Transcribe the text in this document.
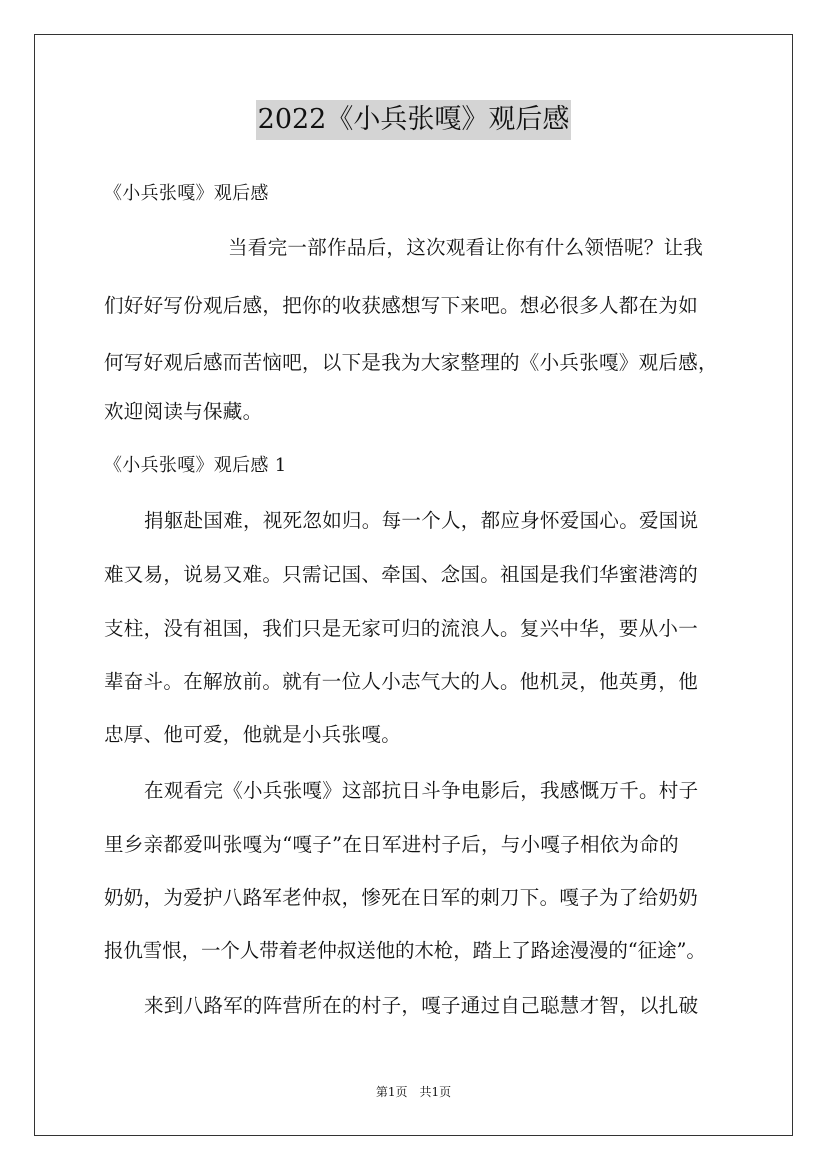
2022《小兵张嘎》观后感
《小兵张嘎》观后感
当看完一部作品后，这次观看让你有什么领悟呢？让我
们好好写份观后感，把你的收获感想写下来吧。想必很多人都在为如
何写好观后感而苦恼吧，以下是我为大家整理的《小兵张嘎》观后感，
欢迎阅读与保藏。
《小兵张嘎》观后感 1
捐躯赴国难，视死忽如归。每一个人，都应身怀爱国心。爱国说
难又易，说易又难。只需记国、牵国、念国。祖国是我们华蜜港湾的
支柱，没有祖国，我们只是无家可归的流浪人。复兴中华，要从小一
辈奋斗。在解放前。就有一位人小志气大的人。他机灵，他英勇，他
忠厚、他可爱，他就是小兵张嘎。
在观看完《小兵张嘎》这部抗日斗争电影后，我感慨万千。村子
里乡亲都爱叫张嘎为“嘎子”在日军进村子后，与小嘎子相依为命的
奶奶，为爱护八路军老仲叔，惨死在日军的刺刀下。嘎子为了给奶奶
报仇雪恨，一个人带着老仲叔送他的木枪，踏上了路途漫漫的“征途”。
来到八路军的阵营所在的村子，嘎子通过自己聪慧才智，以扎破
第1页　共1页
